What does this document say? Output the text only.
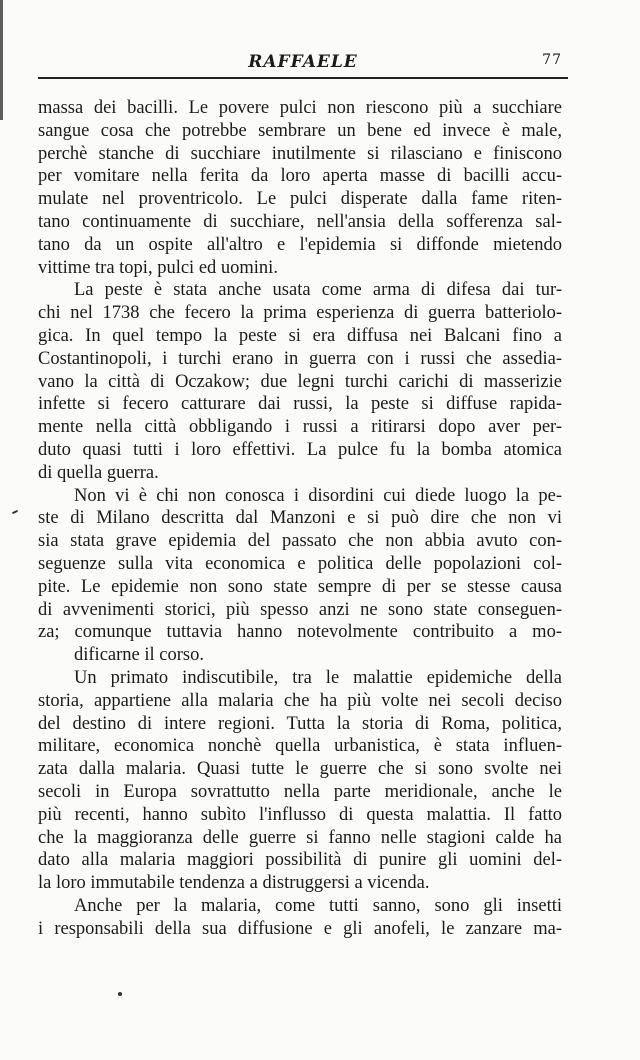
RAFFAELE	77
massa dei bacilli. Le povere pulci non riescono più a succhiare
sangue cosa che potrebbe sembrare un bene ed invece è male,
perchè stanche di succhiare inutilmente si rilasciano e finiscono
per vomitare nella ferita da loro aperta masse di bacilli accu-
mulate nel proventricolo. Le pulci disperate dalla fame riten-
tano continuamente di succhiare, nell'ansia della sofferenza sal-
tano da un ospite all'altro e l'epidemia si diffonde mietendo
vittime tra topi, pulci ed uomini.
La peste è stata anche usata come arma di difesa dai tur-
chi nel 1738 che fecero la prima esperienza di guerra batteriolo-
gica. In quel tempo la peste si era diffusa nei Balcani fino a
Costantinopoli, i turchi erano in guerra con i russi che assedia-
vano la città di Oczakow; due legni turchi carichi di masserizie
infette si fecero catturare dai russi, la peste si diffuse rapida-
mente nella città obbligando i russi a ritirarsi dopo aver per-
duto quasi tutti i loro effettivi. La pulce fu la bomba atomica
di quella guerra.
Non vi è chi non conosca i disordini cui diede luogo la pe-
ste di Milano descritta dal Manzoni e si può dire che non vi
sia stata grave epidemia del passato che non abbia avuto con-
seguenze sulla vita economica e politica delle popolazioni col-
pite. Le epidemie non sono state sempre di per se stesse causa
di avvenimenti storici, più spesso anzi ne sono state conseguen-
za; comunque tuttavia hanno notevolmente contribuito a mo-
dificarne il corso.
Un primato indiscutibile, tra le malattie epidemiche della
storia, appartiene alla malaria che ha più volte nei secoli deciso
del destino di intere regioni. Tutta la storia di Roma, politica,
militare, economica nonchè quella urbanistica, è stata influen-
zata dalla malaria. Quasi tutte le guerre che si sono svolte nei
secoli in Europa sovrattutto nella parte meridionale, anche le
più recenti, hanno subìto l'influsso di questa malattia. Il fatto
che la maggioranza delle guerre si fanno nelle stagioni calde ha
dato alla malaria maggiori possibilità di punire gli uomini del-
la loro immutabile tendenza a distruggersi a vicenda.
Anche per la malaria, come tutti sanno, sono gli insetti
i responsabili della sua diffusione e gli anofeli, le zanzare ma-
